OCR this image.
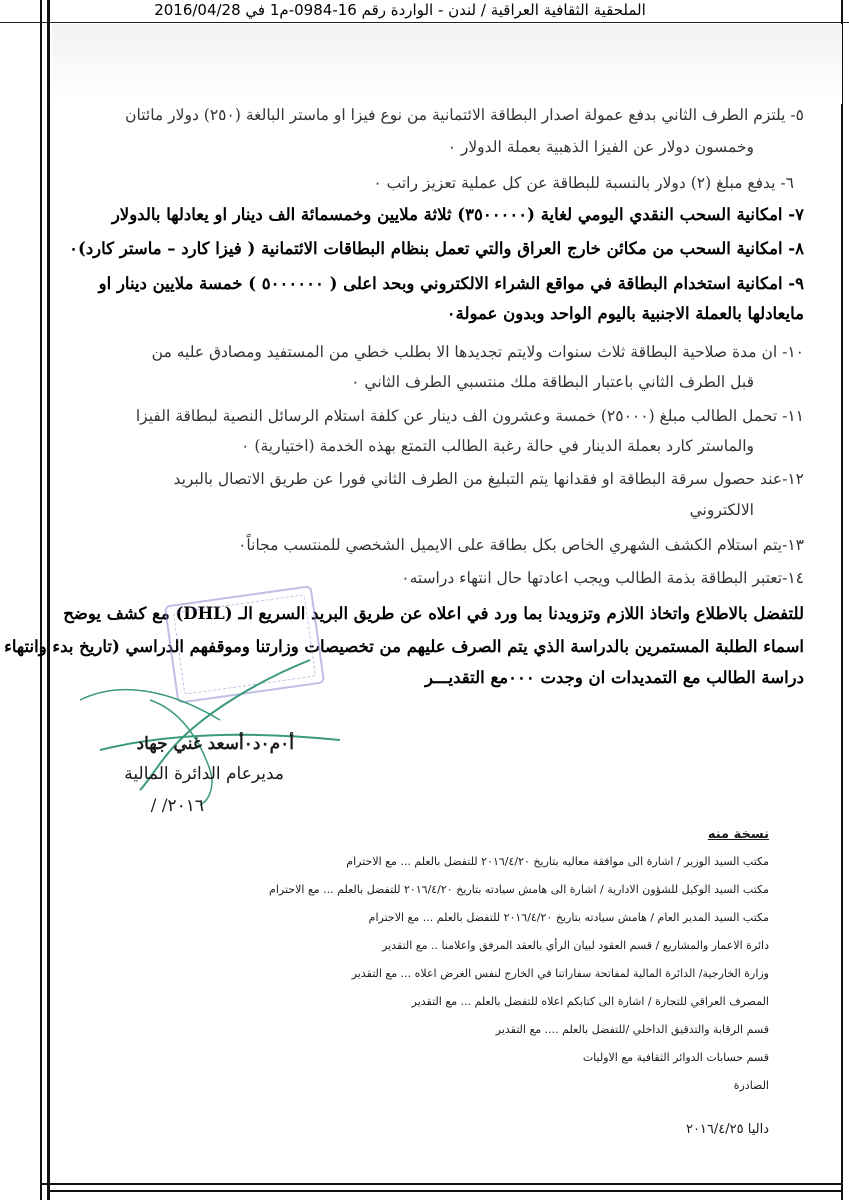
الملحقية الثقافية العراقية / لندن - الواردة رقم 16-0984-م1 في 2016/04/28
٥- يلتزم الطرف الثاني بدفع عمولة اصدار البطاقة الائتمانية من نوع فيزا او ماستر البالغة (٢٥٠) دولار مائتان
وخمسون دولار عن الفيزا الذهبية بعملة الدولار ٠
٦- يدفع مبلغ (٢) دولار بالنسبة للبطاقة عن كل عملية تعزيز راتب ٠
٧- امكانية السحب النقدي اليومي لغاية (٣٥٠٠٠٠٠) ثلاثة ملايين وخمسمائة الف دينار او يعادلها بالدولار
٨- امكانية السحب من مكائن خارج العراق والتي تعمل بنظام البطاقات الائتمانية ( فيزا كارد – ماستر كارد)٠
٩- امكانية استخدام البطاقة في مواقع الشراء الالكتروني وبحد اعلى ( ٥٠٠٠٠٠٠ ) خمسة ملايين دينار او
مايعادلها بالعملة الاجنبية باليوم الواحد وبدون عمولة٠
١٠- ان مدة صلاحية البطاقة ثلاث سنوات ولايتم تجديدها الا بطلب خطي من المستفيد ومصادق عليه من
قبل الطرف الثاني باعتبار البطاقة ملك منتسبي الطرف الثاني ٠
١١- تحمل الطالب مبلغ (٢٥٠٠٠) خمسة وعشرون الف دينار عن كلفة استلام الرسائل النصية لبطاقة الفيزا
والماستر كارد بعملة الدينار في حالة رغبة الطالب التمتع بهذه الخدمة (اختيارية) ٠
١٢-عند حصول سرقة البطاقة او فقدانها يتم التبليغ من الطرف الثاني فورا عن طريق الاتصال بالبريد
الالكتروني
١٣-يتم استلام الكشف الشهري الخاص بكل بطاقة على الايميل الشخصي للمنتسب مجاناً٠
١٤-تعتبر البطاقة بذمة الطالب ويجب اعادتها حال انتهاء دراسته٠
للتفضل بالاطلاع واتخاذ اللازم وتزويدنا بما ورد في اعلاه عن طريق البريد السريع الـ (DHL) مع كشف يوضح
اسماء الطلبة المستمرين بالدراسة الذي يتم الصرف عليهم من تخصيصات وزارتنا وموقفهم الدراسي (تاريخ بدء وانتهاء
دراسة الطالب مع التمديدات ان وجدت ٠٠٠مع التقديـــر
أ٠م٠د٠أسعد غني جهاد
مديرعام الدائرة المالية
٢٠١٦/ /
نسخة منه
مكتب السيد الوزير / اشارة الى موافقة معاليه بتاريخ ٢٠١٦/٤/٢٠ للتفضل بالعلم ... مع الاحترام
مكتب السيد الوكيل للشؤون الادارية / اشارة الى هامش سيادته بتاريخ ٢٠١٦/٤/٢٠ للتفضل بالعلم ... مع الاحترام
مكتب السيد المدير العام / هامش سيادته بتاريخ ٢٠١٦/٤/٢٠ للتفضل بالعلم ... مع الاحترام
دائرة الاعمار والمشاريع / قسم العقود لبيان الرأي بالعقد المرفق واعلامنا .. مع التقدير
وزارة الخارجية/ الدائرة المالية لمفاتحة سفاراتنا في الخارج لنفس الغرض اعلاه ... مع التقدير
المصرف العراقي للتجارة / اشارة الى كتابكم اعلاه للتفضل بالعلم ... مع التقدير
قسم الرقابة والتدقيق الداخلي /للتفضل بالعلم .... مع التقدير
قسم حسابات الدوائر الثقافية مع الاوليات
الصادرة
داليا ٢٠١٦/٤/٢٥
